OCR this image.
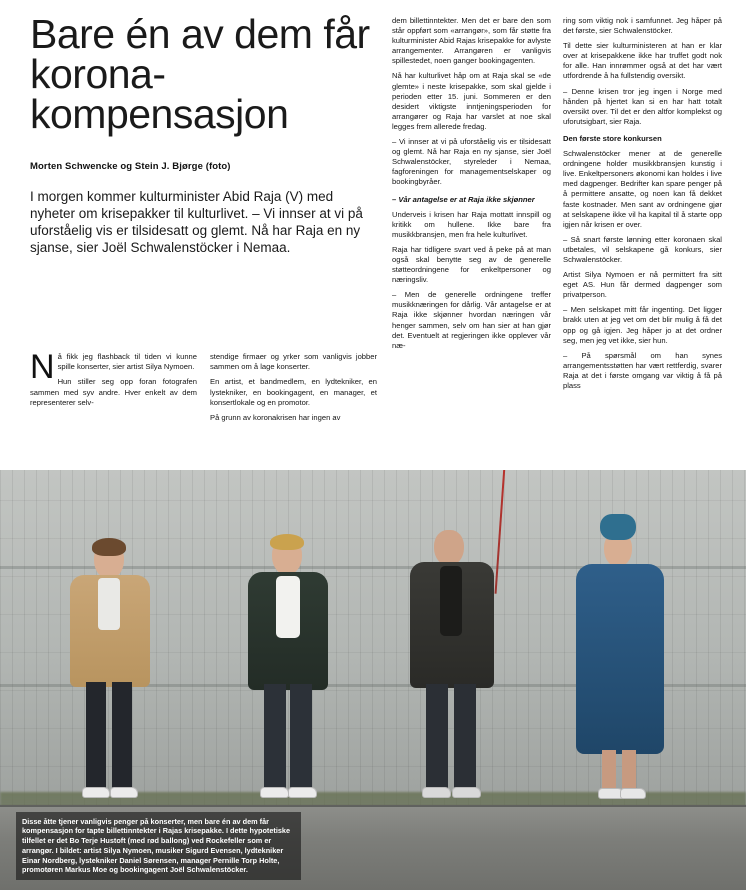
Bare én av dem får korona-kompensasjon
Morten Schwencke og Stein J. Bjørge (foto)
I morgen kommer kulturminister Abid Raja (V) med nyheter om krisepakker til kulturlivet. – Vi innser at vi på uforståelig vis er tilsidesatt og glemt. Nå har Raja en ny sjanse, sier Joël Schwalenstöcker i Nemaa.

Nå fikk jeg flashback til tiden vi kunne spille konserter, sier artist Silya Nymoen.

Hun stiller seg opp foran fotografen sammen med syv andre. Hver enkelt av dem representerer selv-

stendige firmaer og yrker som vanligvis jobber sammen om å lage konserter.

En artist, et bandmedlem, en lydtekniker, en lystekniker, en bookingagent, en manager, et konsertlokale og en promotor.

På grunn av koronakrisen har ingen av

dem billettinntekter. Men det er bare den som står oppført som «arrangør», som får støtte fra kulturminister Abid Rajas krisepakke for avlyste arrangementer. Arrangøren er vanligvis spillestedet, noen ganger bookingagenten.

Nå har kulturlivet håp om at Raja skal se «de glemte» i neste krisepakke, som skal gjelde i perioden etter 15. juni. Sommeren er den desidert viktigste inntjeningsperioden for arrangører og Raja har varslet at noe skal legges frem allerede fredag.

– Vi innser at vi på uforståelig vis er tilsidesatt og glemt. Nå har Raja en ny sjanse, sier Joël Schwalenstöcker, styreleder i Nemaa, fagforeningen for managementselskaper og bookingbyråer.

– Vår antagelse er at Raja ikke skjønner

Underveis i krisen har Raja mottatt innspill og kritikk om hullene. Ikke bare fra musikkbransjen, men fra hele kulturlivet.

Raja har tidligere svart ved å peke på at man også skal benytte seg av de generelle støtteordningene for enkeltpersoner og næringsliv.

– Men de generelle ordningene treffer musikknæringen for dårlig. Vår antagelse er at Raja ikke skjønner hvordan næringen vår henger sammen, selv om han sier at han gjør det. Eventuelt at regjeringen ikke opplever vår næ-

ring som viktig nok i samfunnet. Jeg håper på det første, sier Schwalenstöcker.

Til dette sier kulturministeren at han er klar over at krisepakkene ikke har truffet godt nok for alle. Han innrømmer også at det har vært utfordrende å ha fullstendig oversikt.

– Denne krisen tror jeg ingen i Norge med hånden på hjertet kan si en har hatt totalt oversikt over. Til det er den altfor komplekst og uforutsigbart, sier Raja.

Den første store konkursen

Schwalenstöcker mener at de generelle ordningene holder musikkbransjen kunstig i live. Enkeltpersoners økonomi kan holdes i live med dagpenger. Bedrifter kan spare penger på å permittere ansatte, og noen kan få dekket faste kostnader. Men sant av ordningene gjør at selskapene ikke vil ha kapital til å starte opp igjen når krisen er over.

– Så snart første lønning etter koronaen skal utbetales, vil selskapene gå konkurs, sier Schwalenstöcker.

Artist Silya Nymoen er nå permittert fra sitt eget AS. Hun får dermed dagpenger som privatperson.

– Men selskapet mitt får ingenting. Det ligger brakk uten at jeg vet om det blir mulig å få det opp og gå igjen. Jeg håper jo at det ordner seg, men jeg vet ikke, sier hun.

– På spørsmål om han synes arrangementsstøtten har vært rettferdig, svarer Raja at det i første omgang var viktig å få på plass

Disse åtte tjener vanligvis penger på konserter, men bare én av dem får kompensasjon for tapte billettinntekter i Rajas krisepakke. I dette hypotetiske tilfellet er det Bo Terje Hustoft (med rød ballong) ved Rockefeller som er arrangør. I bildet: artist Silya Nymoen, musiker Sigurd Evensen, lydtekniker Einar Nordberg, lystekniker Daniel Sørensen, manager Pernille Torp Holte, promotøren Markus Moe og bookingagent Joël Schwalenstöcker.
